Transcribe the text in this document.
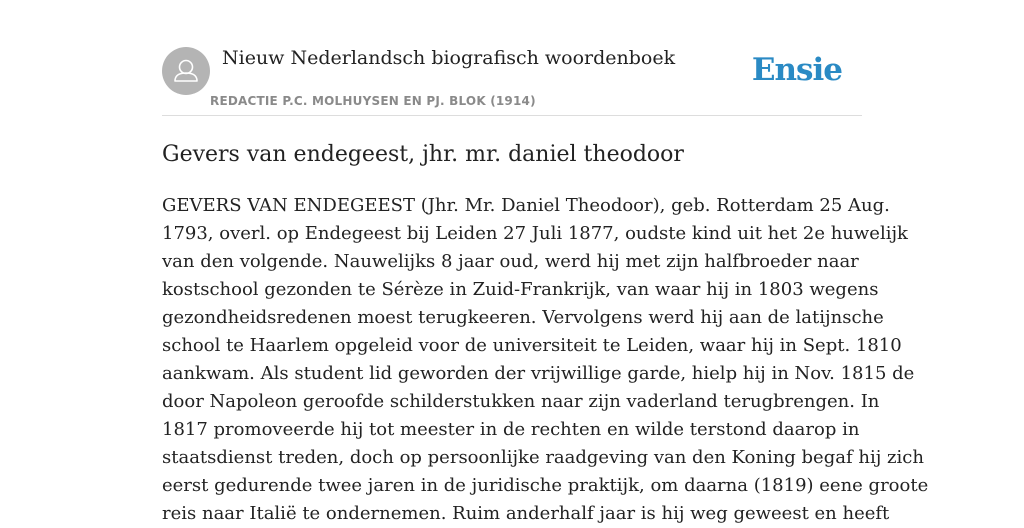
Nieuw Nederlandsch biografisch woordenboek
REDACTIE P.C. MOLHUYSEN EN PJ. BLOK (1914)
Ensie
Gevers van endegeest, jhr. mr. daniel theodoor
GEVERS VAN ENDEGEEST (Jhr. Mr. Daniel Theodoor), geb. Rotterdam 25 Aug.
1793, overl. op Endegeest bij Leiden 27 Juli 1877, oudste kind uit het 2e huwelijk
van den volgende. Nauwelijks 8 jaar oud, werd hij met zijn halfbroeder naar
kostschool gezonden te Sérèze in Zuid-Frankrijk, van waar hij in 1803 wegens
gezondheidsredenen moest terugkeeren. Vervolgens werd hij aan de latijnsche
school te Haarlem opgeleid voor de universiteit te Leiden, waar hij in Sept. 1810
aankwam. Als student lid geworden der vrijwillige garde, hielp hij in Nov. 1815 de
door Napoleon geroofde schilderstukken naar zijn vaderland terugbrengen. In
1817 promoveerde hij tot meester in de rechten en wilde terstond daarop in
staatsdienst treden, doch op persoonlijke raadgeving van den Koning begaf hij zich
eerst gedurende twee jaren in de juridische praktijk, om daarna (1819) eene groote
reis naar Italië te ondernemen. Ruim anderhalf jaar is hij weg geweest en heeft
